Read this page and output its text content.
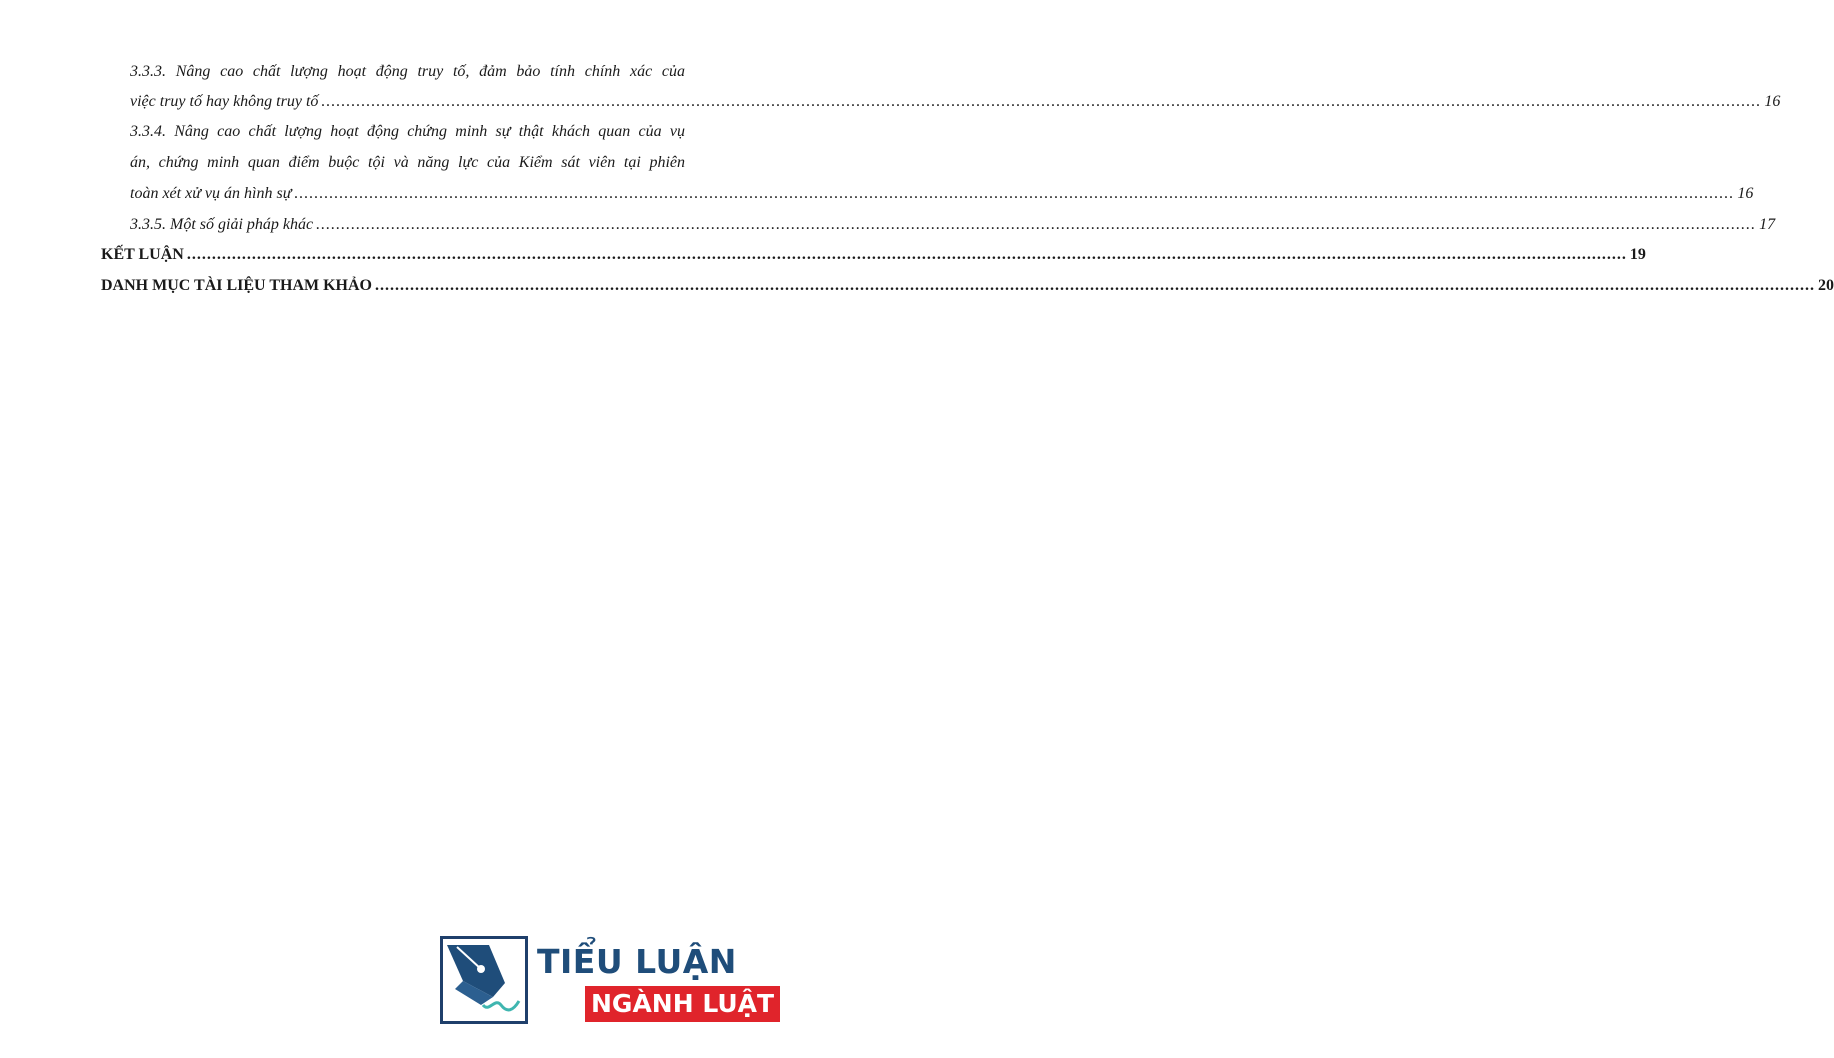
3.3.3. Nâng cao chất lượng hoạt động truy tố, đảm bảo tính chính xác của
việc truy tố hay không truy tố .....	16
3.3.4. Nâng cao chất lượng hoạt động chứng minh sự thật khách quan của vụ
án, chứng minh quan điểm buộc tội và năng lực của Kiểm sát viên tại phiên
toàn xét xử vụ án hình sự .....	16
3.3.5. Một số giải pháp khác .....	17
KẾT LUẬN .....	19
DANH MỤC TÀI LIỆU THAM KHẢO .....	20
TIỂU LUẬN
NGÀNH LUẬT
